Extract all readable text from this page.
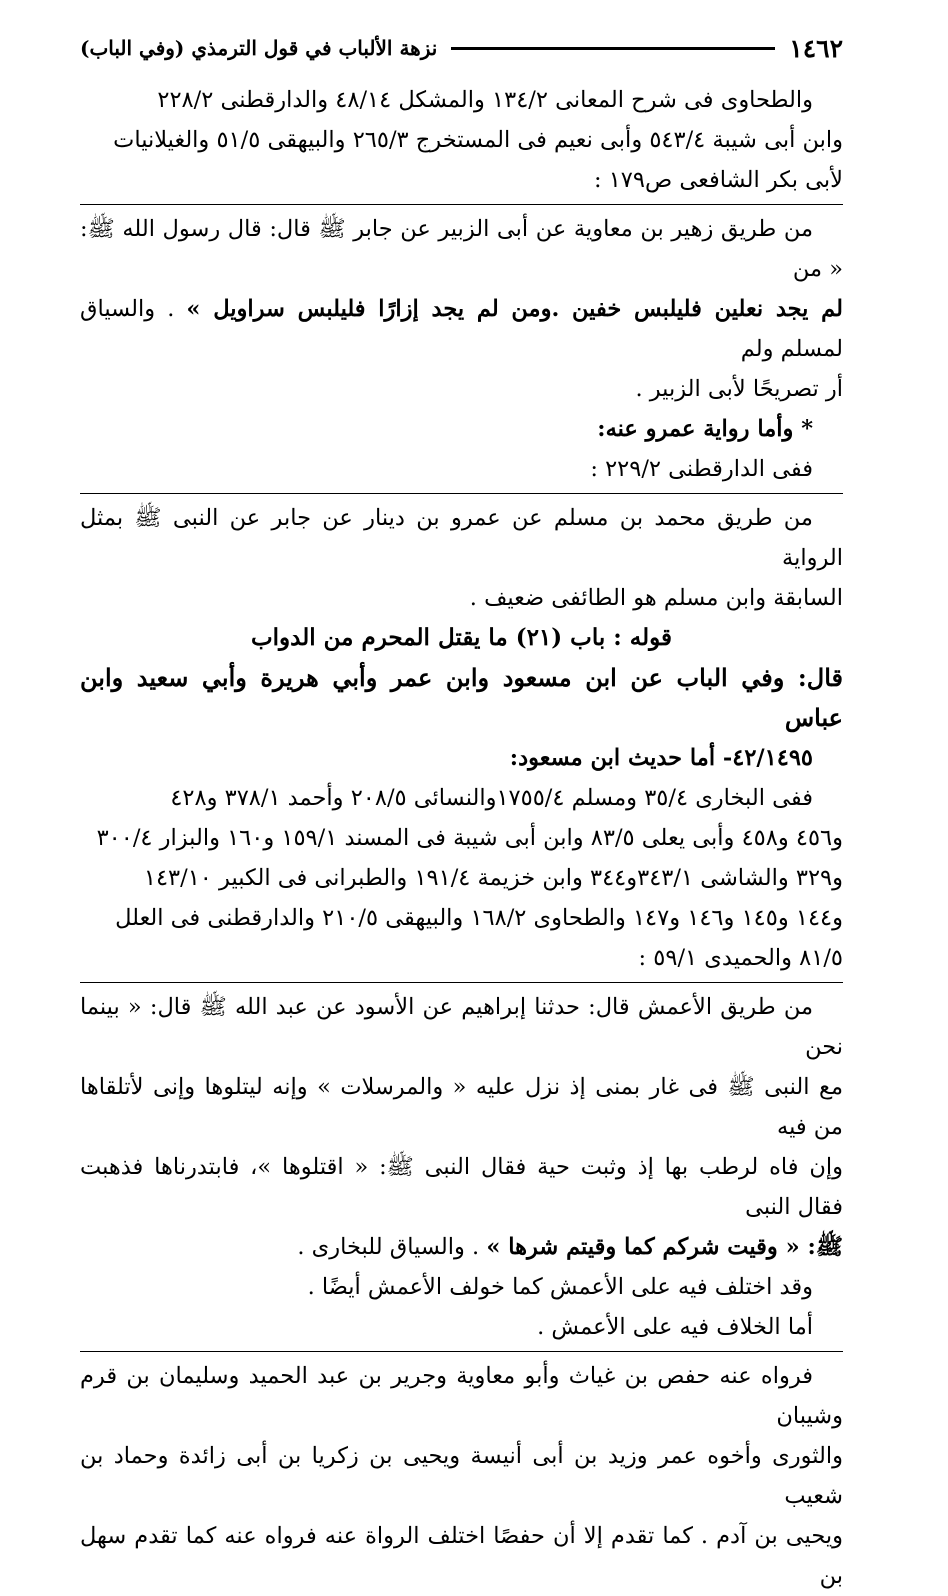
١٤٦٢
نزهة الألباب في قول الترمذي (وفي الباب)

والطحاوى فى شرح المعانى ١٣٤/٢ والمشكل ٤٨/١٤ والدارقطنى ٢٢٨/٢

وابن أبى شيبة ٥٤٣/٤ وأبى نعيم فى المستخرج ٢٦٥/٣ والبيهقى ٥١/٥ والغيلانيات

لأبى بكر الشافعى ص١٧٩ :

من طريق زهير بن معاوية عن أبى الزبير عن جابر ﷺ قال: قال رسول الله ﷺ: « من

لم يجد نعلين فليلبس خفين .ومن لم يجد إزارًا فليلبس سراويل » . والسياق لمسلم ولم

أر تصريحًا لأبى الزبير .

* وأما رواية عمرو عنه:

ففى الدارقطنى ٢٢٩/٢ :

من طريق محمد بن مسلم عن عمرو بن دينار عن جابر عن النبى ﷺ بمثل الرواية

السابقة وابن مسلم هو الطائفى ضعيف .

قوله : باب (٢١) ما يقتل المحرم من الدواب

قال: وفي الباب عن ابن مسعود وابن عمر وأبي هريرة وأبي سعيد وابن عباس

٤٢/١٤٩٥- أما حديث ابن مسعود:

ففى البخارى ٣٥/٤ ومسلم ١٧٥٥/٤والنسائى ٢٠٨/٥ وأحمد ٣٧٨/١ و٤٢٨

و٤٥٦ و٤٥٨ وأبى يعلى ٨٣/٥ وابن أبى شيبة فى المسند ١٥٩/١ و١٦٠ والبزار ٣٠٠/٤

و٣٢٩ والشاشى ٣٤٣/١و٣٤٤ وابن خزيمة ١٩١/٤ والطبرانى فى الكبير ١٤٣/١٠

و١٤٤ و١٤٥ و١٤٦ و١٤٧ والطحاوى ١٦٨/٢ والبيهقى ٢١٠/٥ والدارقطنى فى العلل

٨١/٥ والحميدى ٥٩/١ :

من طريق الأعمش قال: حدثنا إبراهيم عن الأسود عن عبد الله ﷺ قال: « بينما نحن

مع النبى ﷺ فى غار بمنى إذ نزل عليه « والمرسلات » وإنه ليتلوها وإنى لأتلقاها من فيه

وإن فاه لرطب بها إذ وثبت حية فقال النبى ﷺ: « اقتلوها »، فابتدرناها فذهبت فقال النبى

ﷺ: « وقيت شركم كما وقيتم شرها » . والسياق للبخارى .

وقد اختلف فيه على الأعمش كما خولف الأعمش أيضًا .

أما الخلاف فيه على الأعمش .

فرواه عنه حفص بن غياث وأبو معاوية وجرير بن عبد الحميد وسليمان بن قرم وشيبان

والثورى وأخوه عمر وزيد بن أبى أنيسة ويحيى بن زكريا بن أبى زائدة وحماد بن شعيب

ويحيى بن آدم . كما تقدم إلا أن حفصًا اختلف الرواة عنه فرواه عنه كما تقدم سهل بن
